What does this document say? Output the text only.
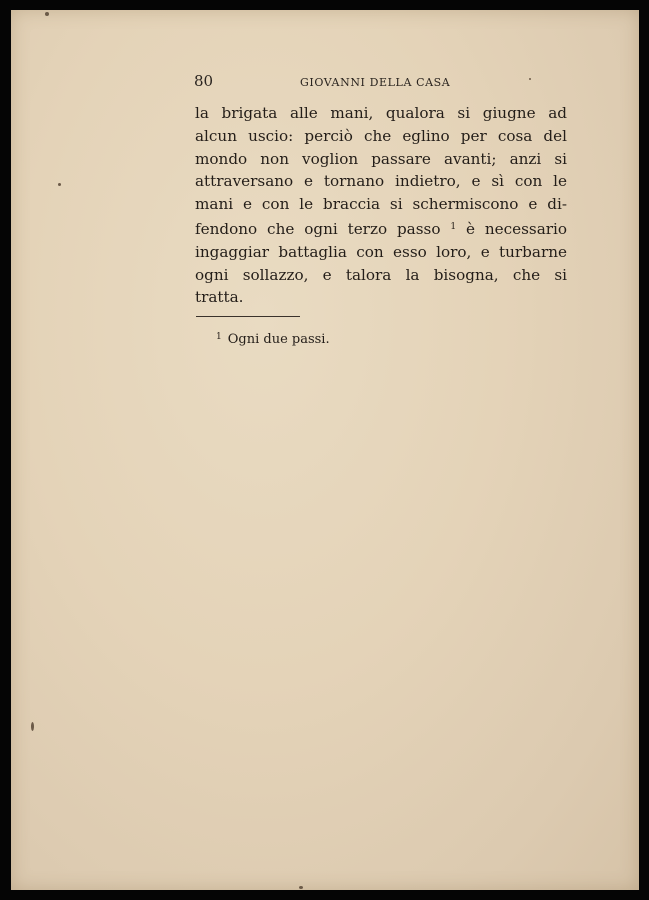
80	GIOVANNI DELLA CASA
la brigata alle mani, qualora si giugne ad
alcun uscio: perciò che eglino per cosa del
mondo non voglion passare avanti; anzi si
attraversano e tornano indietro, e sì con le
mani e con le braccia si schermiscono e di-
fendono che ogni terzo passo $^1$ è necessario
ingaggiar battaglia con esso loro, e turbarne
ogni sollazzo, e talora la bisogna, che si
tratta.
$^1$ Ogni due passi.
